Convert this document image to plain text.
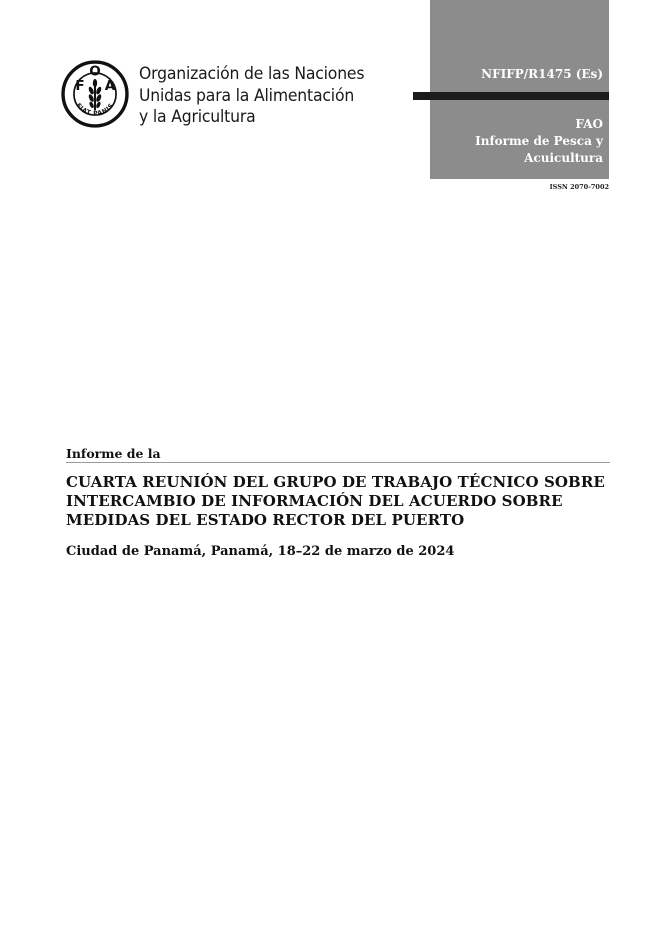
F A
O
FIAT PANIS
Organización de las Naciones
Unidas para la Alimentación
y la Agricultura
NFIFP/R1475 (Es)
FAO
Informe de Pesca y
Acuicultura
ISSN 2070-7002
Informe de la
CUARTA REUNIÓN DEL GRUPO DE TRABAJO TÉCNICO SOBRE
INTERCAMBIO DE INFORMACIÓN DEL ACUERDO SOBRE
MEDIDAS DEL ESTADO RECTOR DEL PUERTO
Ciudad de Panamá, Panamá, 18–22 de marzo de 2024
